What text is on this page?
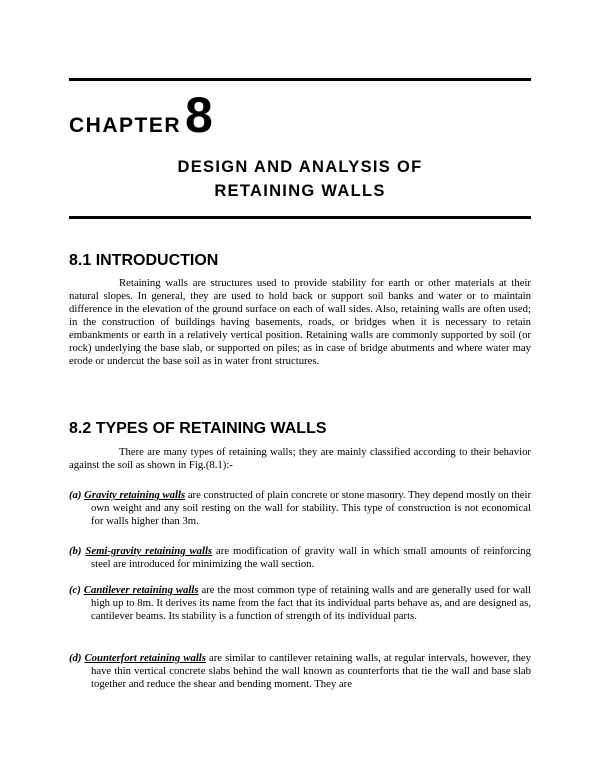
CHAPTER8
DESIGN AND ANALYSIS OF
RETAINING WALLS
8.1 INTRODUCTION
Retaining walls are structures used to provide stability for earth or other materials at their natural slopes. In general, they are used to hold back or support soil banks and water or to maintain difference in the elevation of the ground surface on each of wall sides. Also, retaining walls are often used; in the construction of buildings having basements, roads, or bridges when it is necessary to retain embankments or earth in a relatively vertical position. Retaining walls are commonly supported by soil (or rock) underlying the base slab, or supported on piles; as in case of bridge abutments and where water may erode or undercut the base soil as in water front structures.
8.2 TYPES OF RETAINING WALLS
There are many types of retaining walls; they are mainly classified according to their behavior against the soil as shown in Fig.(8.1):-
(a) Gravity retaining walls are constructed of plain concrete or stone masonry. They depend mostly on their own weight and any soil resting on the wall for stability. This type of construction is not economical for walls higher than 3m.
(b) Semi-gravity retaining walls are modification of gravity wall in which small amounts of reinforcing steel are introduced for minimizing the wall section.
(c) Cantilever retaining walls are the most common type of retaining walls and are generally used for wall high up to 8m. It derives its name from the fact that its individual parts behave as, and are designed as, cantilever beams. Its stability is a function of strength of its individual parts.
(d) Counterfort retaining walls are similar to cantilever retaining walls, at regular intervals, however, they have thin vertical concrete slabs behind the wall known as counterforts that tie the wall and base slab together and reduce the shear and bending moment. They are
